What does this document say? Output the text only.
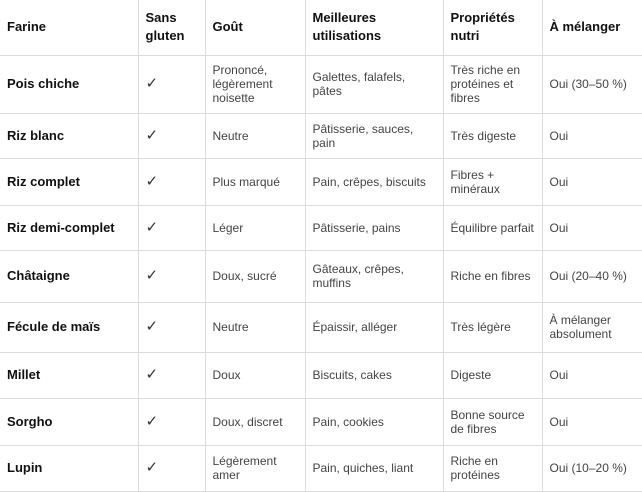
Farine	Sans gluten	Goût	Meilleures utilisations	Propriétés nutri	À mélanger
Pois chiche	✓	Prononcé, légèrement noisette	Galettes, falafels, pâtes	Très riche en protéines et fibres	Oui (30–50 %)
Riz blanc	✓	Neutre	Pâtisserie, sauces, pain	Très digeste	Oui
Riz complet	✓	Plus marqué	Pain, crêpes, biscuits	Fibres + minéraux	Oui
Riz demi-complet	✓	Léger	Pâtisserie, pains	Équilibre parfait	Oui
Châtaigne	✓	Doux, sucré	Gâteaux, crêpes, muffins	Riche en fibres	Oui (20–40 %)
Fécule de maïs	✓	Neutre	Épaissir, alléger	Très légère	À mélanger absolument
Millet	✓	Doux	Biscuits, cakes	Digeste	Oui
Sorgho	✓	Doux, discret	Pain, cookies	Bonne source de fibres	Oui
Lupin	✓	Légèrement amer	Pain, quiches, liant	Riche en protéines	Oui (10–20 %)
